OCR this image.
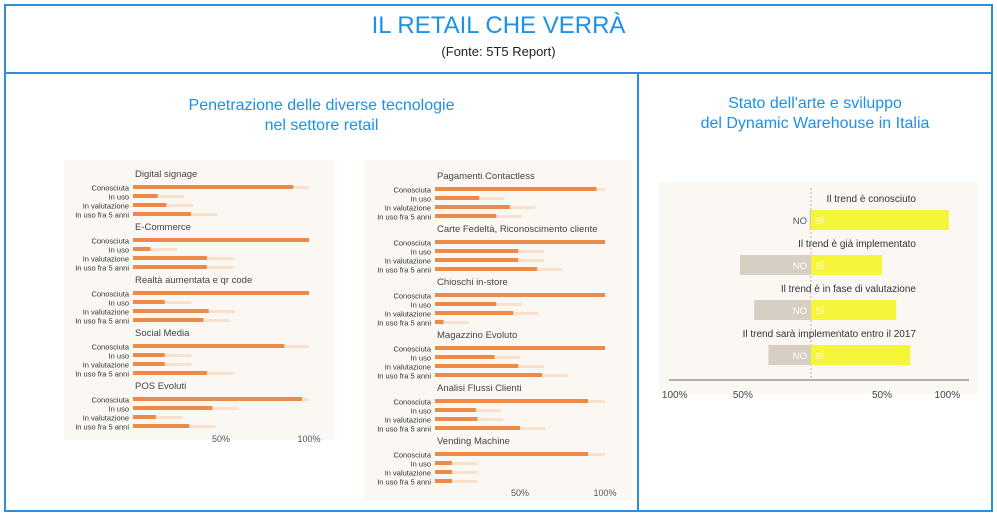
IL RETAIL CHE VERRÀ
(Fonte: 5T5 Report)
Penetrazione delle diverse tecnologie
nel settore retail
Digital signage
Conosciuta
In uso
In valutazione
In uso fra 5 anni
E-Commerce
Conosciuta
In uso
In valutazione
In uso fra 5 anni
Realtà aumentata e qr code
Conosciuta
In uso
In valutazione
In uso fra 5 anni
Social Media
Conosciuta
In uso
In valutazione
In uso fra 5 anni
POS Evoluti
Conosciuta
In uso
In valutazione
In uso fra 5 anni
50%	100%
Pagamenti Contactless
Conosciuta
In uso
In valutazione
In uso fra 5 anni
Carte Fedeltà, Riconoscimento cliente
Conosciuta
In uso
In valutazione
In uso fra 5 anni
Chioschi in-store
Conosciuta
In uso
In valutazione
In uso fra 5 anni
Magazzino Evoluto
Conosciuta
In uso
In valutazione
In uso fra 5 anni
Analisi Flussi Clienti
Conosciuta
In uso
In valutazione
In uso fra 5 anni
Vending Machine
Conosciuta
In uso
In valutazione
In uso fra 5 anni
50%	100%
Stato dell'arte e sviluppo
del Dynamic Warehouse in Italia
Il trend è conosciuto
NO SÌ
Il trend è già implementato
NO SÌ
Il trend è in fase di valutazione
NO SÌ
Il trend sarà implementato entro il 2017
NO SÌ
100%	50%	50%	100%
